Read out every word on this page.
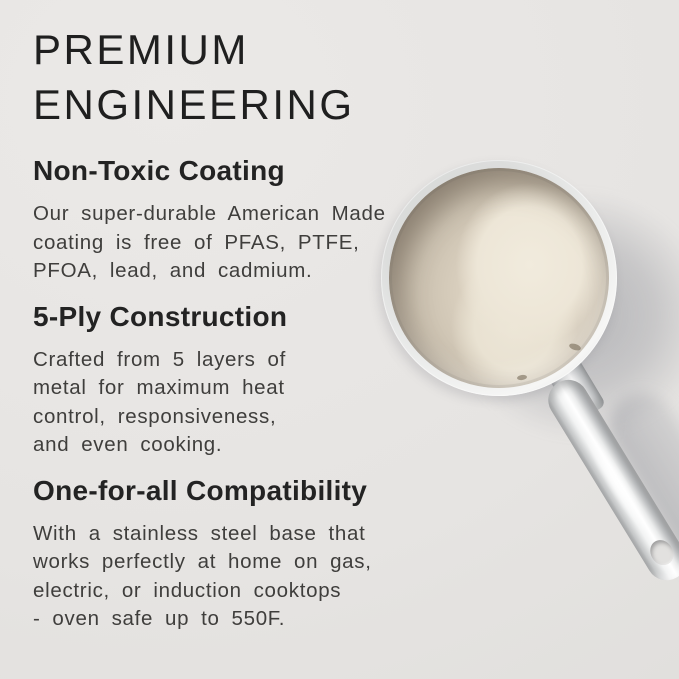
PREMIUM
ENGINEERING
Non-Toxic Coating
Our super-durable American Made
coating is free of PFAS, PTFE,
PFOA, lead, and cadmium.
5-Ply Construction
Crafted from 5 layers of
metal for maximum heat
control, responsiveness,
and even cooking.
One-for-all Compatibility
With a stainless steel base that
works perfectly at home on gas,
electric, or induction cooktops
- oven safe up to 550F.
